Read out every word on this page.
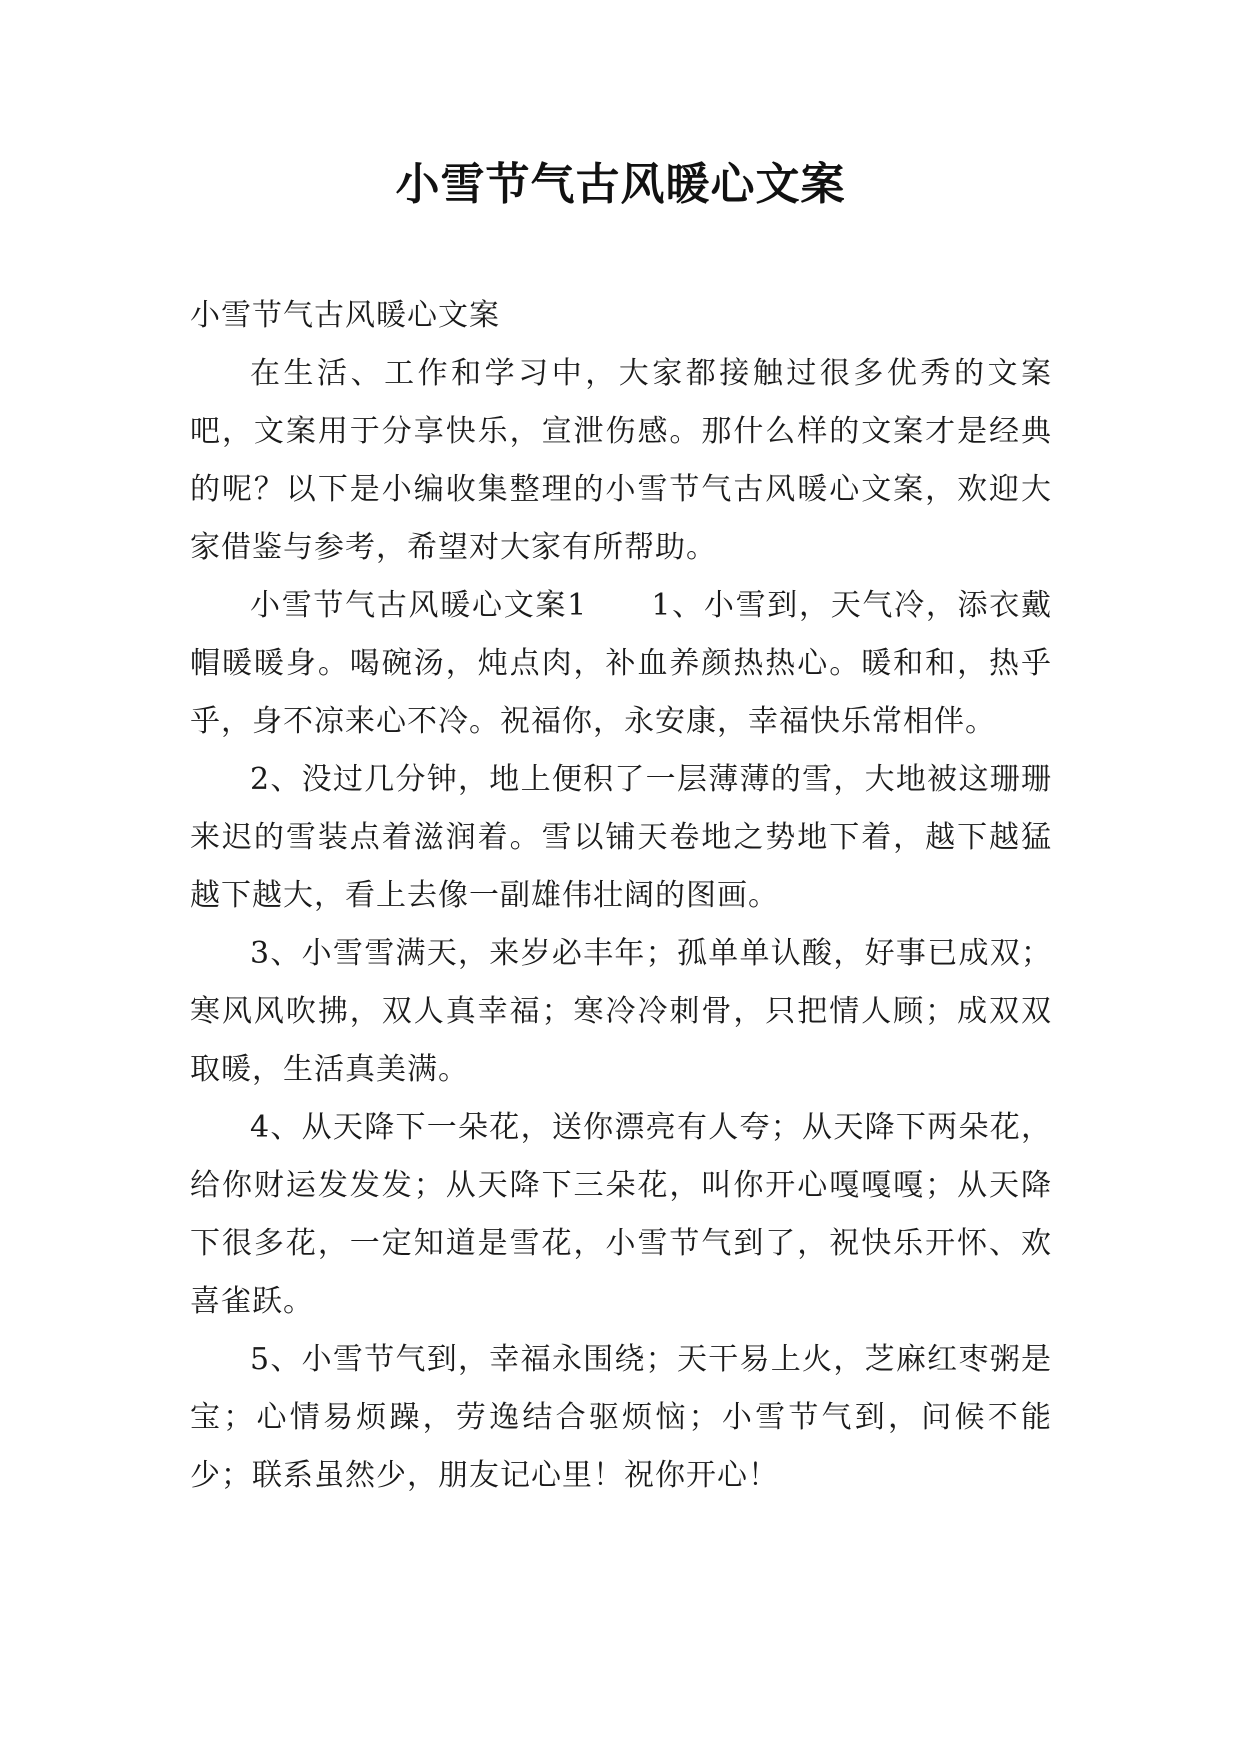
小雪节气古风暖心文案

小雪节气古风暖心文案

在生活、工作和学习中，大家都接触过很多优秀的文案吧，文案用于分享快乐，宣泄伤感。那什么样的文案才是经典的呢？以下是小编收集整理的小雪节气古风暖心文案，欢迎大家借鉴与参考，希望对大家有所帮助。

小雪节气古风暖心文案1　　1、小雪到，天气冷，添衣戴帽暖暖身。喝碗汤，炖点肉，补血养颜热热心。暖和和，热乎乎，身不凉来心不冷。祝福你，永安康，幸福快乐常相伴。

2、没过几分钟，地上便积了一层薄薄的雪，大地被这珊珊来迟的雪装点着滋润着。雪以铺天卷地之势地下着，越下越猛越下越大，看上去像一副雄伟壮阔的图画。

3、小雪雪满天，来岁必丰年；孤单单认酸，好事已成双；寒风风吹拂，双人真幸福；寒冷冷刺骨，只把情人顾；成双双取暖，生活真美满。

4、从天降下一朵花，送你漂亮有人夸；从天降下两朵花，给你财运发发发；从天降下三朵花，叫你开心嘎嘎嘎；从天降下很多花，一定知道是雪花，小雪节气到了，祝快乐开怀、欢喜雀跃。

5、小雪节气到，幸福永围绕；天干易上火，芝麻红枣粥是宝；心情易烦躁，劳逸结合驱烦恼；小雪节气到，问候不能少；联系虽然少，朋友记心里！祝你开心！
